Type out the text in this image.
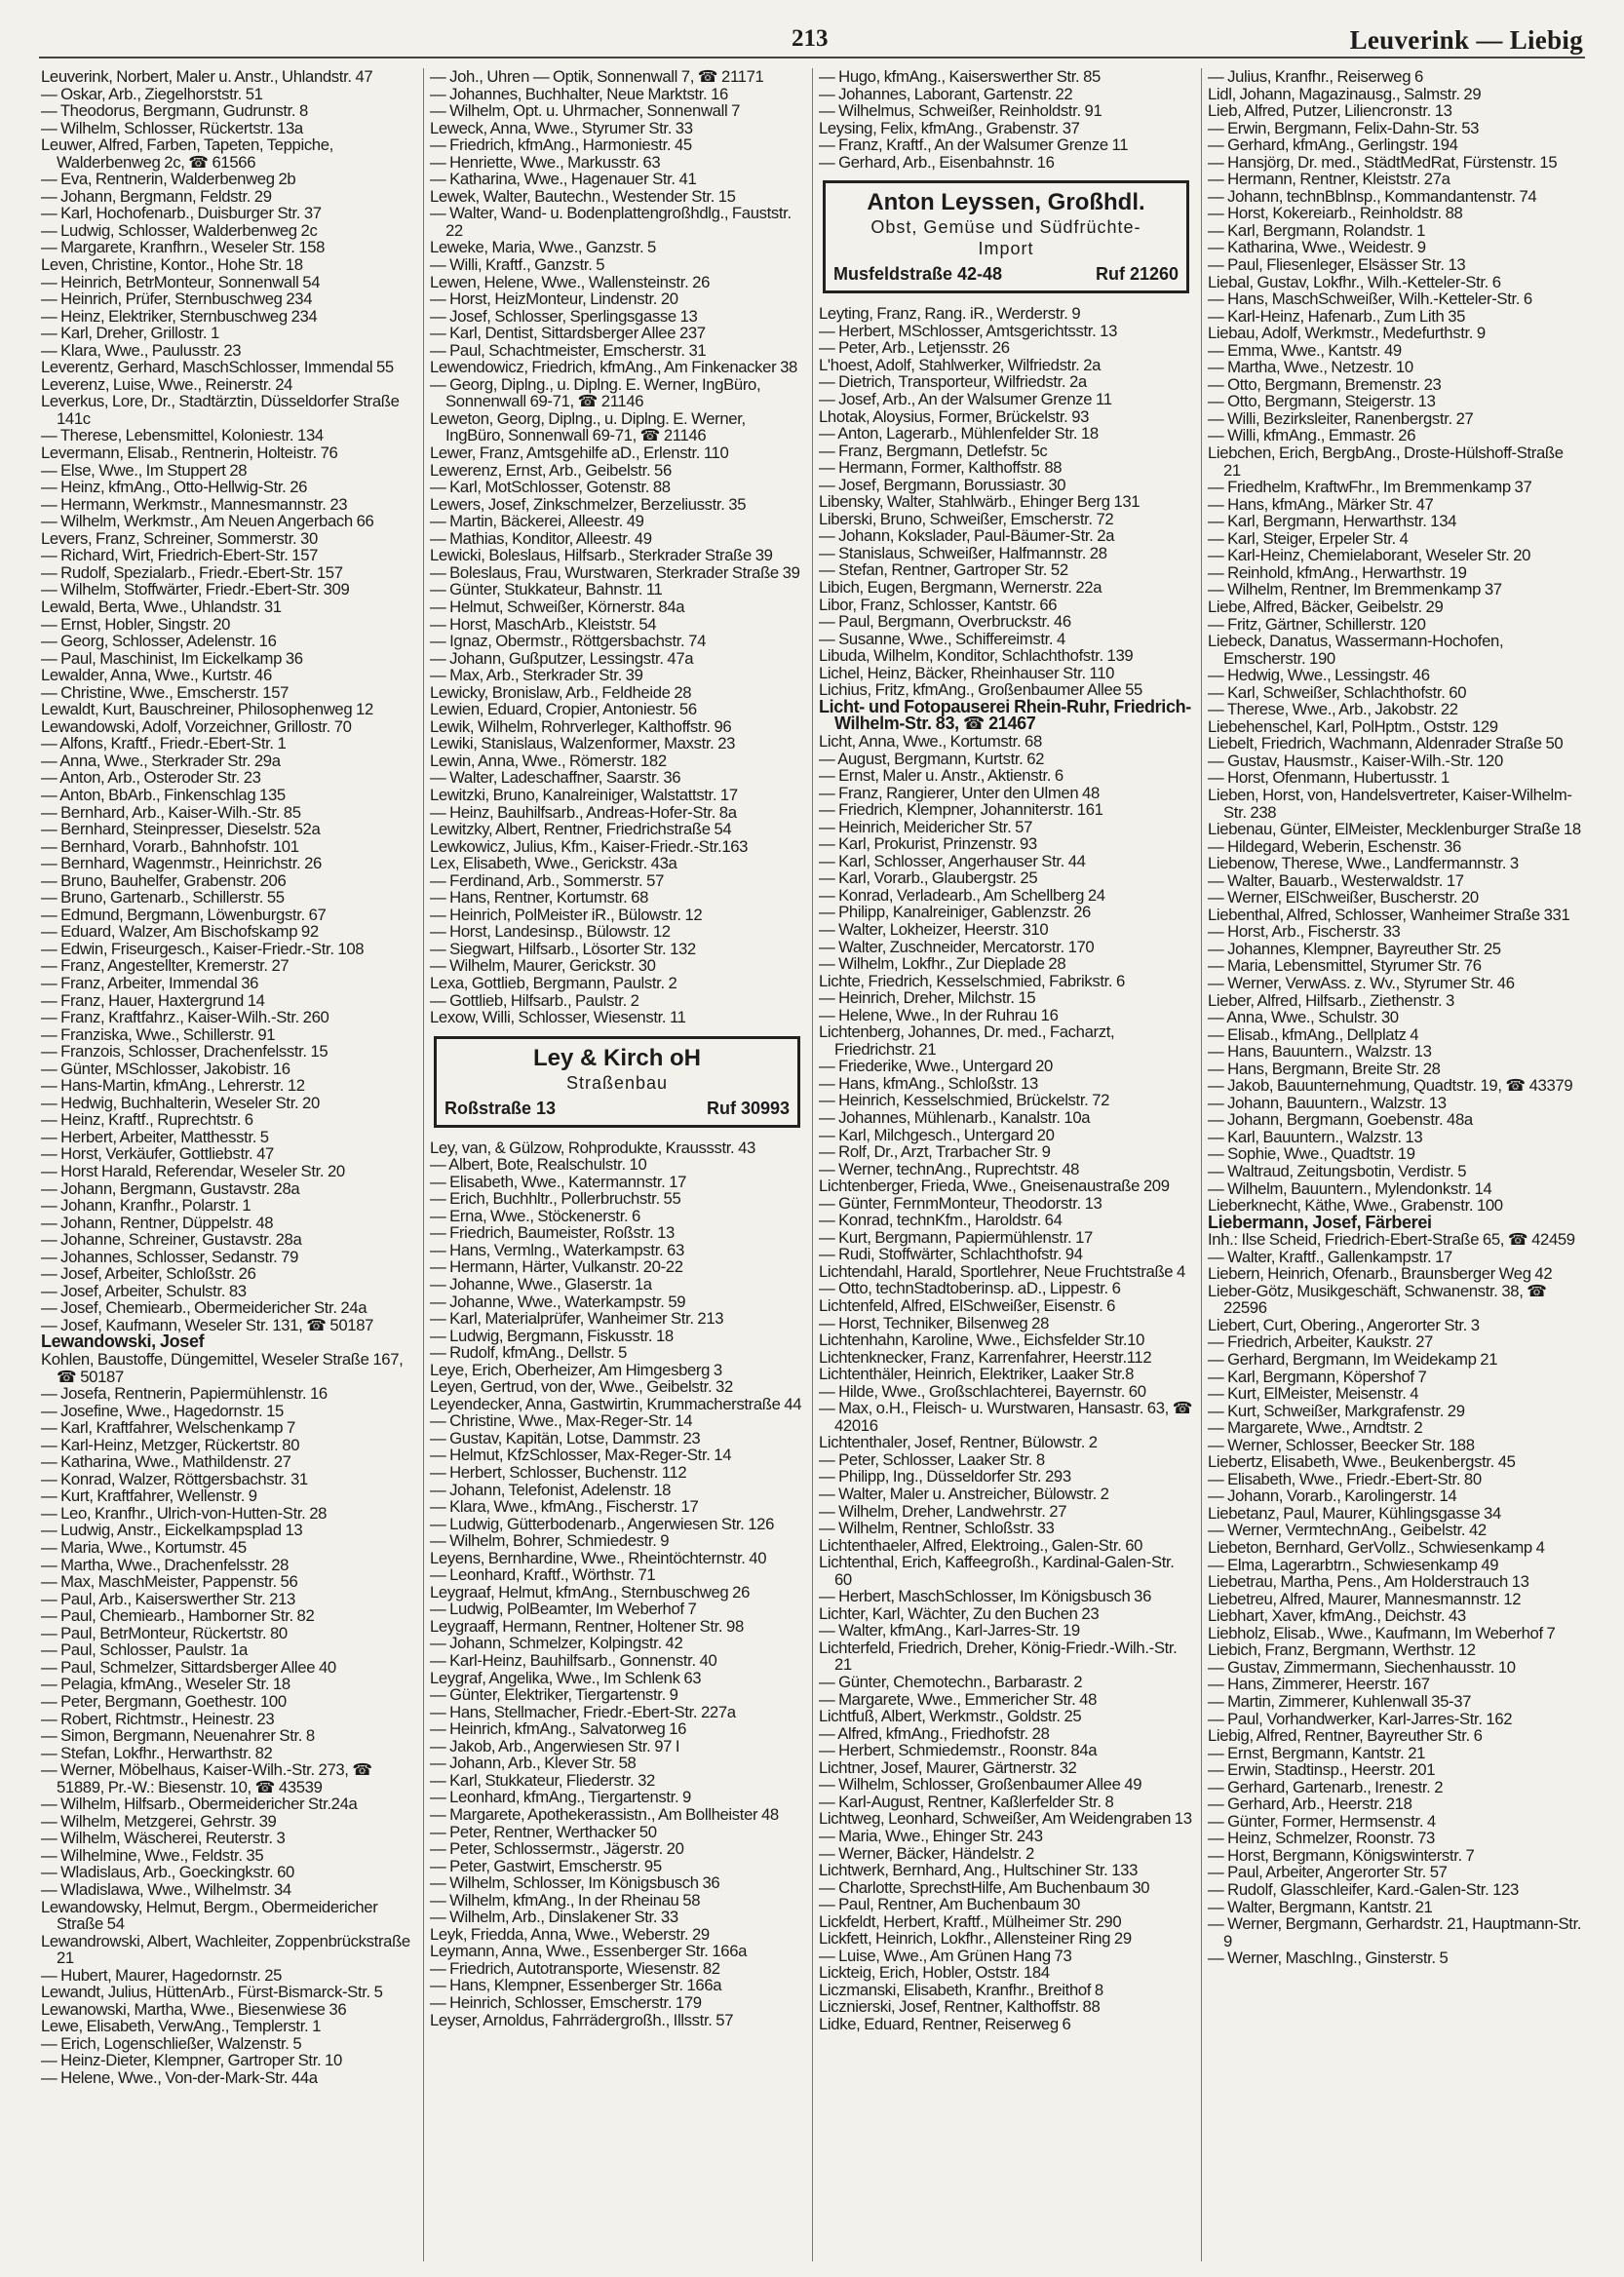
213	Leuverink — Liebig
Leuverink, Norbert, Maler u. Anstr., Uhlandstr. 47
— Oskar, Arb., Ziegelhorststr. 51
— Theodorus, Bergmann, Gudrunstr. 8
— Wilhelm, Schlosser, Rückertstr. 13a
Leuwer, Alfred, Farben, Tapeten, Teppiche, Walderbenweg 2c, ☎ 61566
— Eva, Rentnerin, Walderbenweg 2b
— Johann, Bergmann, Feldstr. 29
— Karl, Hochofenarb., Duisburger Str. 37
— Ludwig, Schlosser, Walderbenweg 2c
— Margarete, Kranfhrn., Weseler Str. 158
Leven, Christine, Kontor., Hohe Str. 18
— Heinrich, BetrMonteur, Sonnenwall 54
— Heinrich, Prüfer, Sternbuschweg 234
— Heinz, Elektriker, Sternbuschweg 234
— Karl, Dreher, Grillostr. 1
— Klara, Wwe., Paulusstr. 23
Leverentz, Gerhard, MaschSchlosser, Immendal 55
Leverenz, Luise, Wwe., Reinerstr. 24
Leverkus, Lore, Dr., Stadtärztin, Düsseldorfer Straße 141c
— Therese, Lebensmittel, Koloniestr. 134
Levermann, Elisab., Rentnerin, Holteistr. 76
— Else, Wwe., Im Stuppert 28
— Heinz, kfmAng., Otto-Hellwig-Str. 26
— Hermann, Werkmstr., Mannesmannstr. 23
— Wilhelm, Werkmstr., Am Neuen Angerbach 66
Levers, Franz, Schreiner, Sommerstr. 30
— Richard, Wirt, Friedrich-Ebert-Str. 157
— Rudolf, Spezialarb., Friedr.-Ebert-Str. 157
— Wilhelm, Stoffwärter, Friedr.-Ebert-Str. 309
Lewald, Berta, Wwe., Uhlandstr. 31
— Ernst, Hobler, Singstr. 20
— Georg, Schlosser, Adelenstr. 16
— Paul, Maschinist, Im Eickelkamp 36
Lewalder, Anna, Wwe., Kurtstr. 46
— Christine, Wwe., Emscherstr. 157
Lewaldt, Kurt, Bauschreiner, Philosophenweg 12
Lewandowski, Adolf, Vorzeichner, Grillostr. 70
— Alfons, Kraftf., Friedr.-Ebert-Str. 1
— Anna, Wwe., Sterkrader Str. 29a
— Anton, Arb., Osteroder Str. 23
— Anton, BbArb., Finkenschlag 135
— Bernhard, Arb., Kaiser-Wilh.-Str. 85
— Bernhard, Steinpresser, Dieselstr. 52a
— Bernhard, Vorarb., Bahnhofstr. 101
— Bernhard, Wagenmstr., Heinrichstr. 26
— Bruno, Bauhelfer, Grabenstr. 206
— Bruno, Gartenarb., Schillerstr. 55
— Edmund, Bergmann, Löwenburgstr. 67
— Eduard, Walzer, Am Bischofskamp 92
— Edwin, Friseurgesch., Kaiser-Friedr.-Str. 108
— Franz, Angestellter, Kremerstr. 27
— Franz, Arbeiter, Immendal 36
— Franz, Hauer, Haxtergrund 14
— Franz, Kraftfahrz., Kaiser-Wilh.-Str. 260
— Franziska, Wwe., Schillerstr. 91
— Franzois, Schlosser, Drachenfelsstr. 15
— Günter, MSchlosser, Jakobistr. 16
— Hans-Martin, kfmAng., Lehrerstr. 12
— Hedwig, Buchhalterin, Weseler Str. 20
— Heinz, Kraftf., Ruprechtstr. 6
— Herbert, Arbeiter, Matthesstr. 5
— Horst, Verkäufer, Gottliebstr. 47
— Horst Harald, Referendar, Weseler Str. 20
— Johann, Bergmann, Gustavstr. 28a
— Johann, Kranfhr., Polarstr. 1
— Johann, Rentner, Düppelstr. 48
— Johanne, Schreiner, Gustavstr. 28a
— Johannes, Schlosser, Sedanstr. 79
— Josef, Arbeiter, Schloßstr. 26
— Josef, Arbeiter, Schulstr. 83
— Josef, Chemiearb., Obermeidericher Str. 24a
— Josef, Kaufmann, Weseler Str. 131, ☎ 50187
Lewandowski, Josef
Kohlen, Baustoffe, Düngemittel, Weseler Straße 167, ☎ 50187
— Josefa, Rentnerin, Papiermühlenstr. 16
— Josefine, Wwe., Hagedornstr. 15
— Karl, Kraftfahrer, Welschenkamp 7
— Karl-Heinz, Metzger, Rückertstr. 80
— Katharina, Wwe., Mathildenstr. 27
— Konrad, Walzer, Röttgersbachstr. 31
— Kurt, Kraftfahrer, Wellenstr. 9
— Leo, Kranfhr., Ulrich-von-Hutten-Str. 28
— Ludwig, Anstr., Eickelkampsplad 13
— Maria, Wwe., Kortumstr. 45
— Martha, Wwe., Drachenfelsstr. 28
— Max, MaschMeister, Pappenstr. 56
— Paul, Arb., Kaiserswerther Str. 213
— Paul, Chemiearb., Hamborner Str. 82
— Paul, BetrMonteur, Rückertstr. 80
— Paul, Schlosser, Paulstr. 1a
— Paul, Schmelzer, Sittardsberger Allee 40
— Pelagia, kfmAng., Weseler Str. 18
— Peter, Bergmann, Goethestr. 100
— Robert, Richtmstr., Heinestr. 23
— Simon, Bergmann, Neuenahrer Str. 8
— Stefan, Lokfhr., Herwarthstr. 82
— Werner, Möbelhaus, Kaiser-Wilh.-Str. 273, ☎ 51889, Pr.-W.: Biesenstr. 10, ☎ 43539
— Wilhelm, Hilfsarb., Obermeidericher Str.24a
— Wilhelm, Metzgerei, Gehrstr. 39
— Wilhelm, Wäscherei, Reuterstr. 3
— Wilhelmine, Wwe., Feldstr. 35
— Wladislaus, Arb., Goeckingkstr. 60
— Wladislawa, Wwe., Wilhelmstr. 34
Lewandowsky, Helmut, Bergm., Obermeidericher Straße 54
Lewandrowski, Albert, Wachleiter, Zoppenbrückstraße 21
— Hubert, Maurer, Hagedornstr. 25
Lewandt, Julius, HüttenArb., Fürst-Bismarck-Str. 5
Lewanowski, Martha, Wwe., Biesenwiese 36
Lewe, Elisabeth, VerwAng., Templerstr. 1
— Erich, Logenschließer, Walzenstr. 5
— Heinz-Dieter, Klempner, Gartroper Str. 10
— Helene, Wwe., Von-der-Mark-Str. 44a
— Joh., Uhren — Optik, Sonnenwall 7, ☎ 21171
— Johannes, Buchhalter, Neue Marktstr. 16
— Wilhelm, Opt. u. Uhrmacher, Sonnenwall 7
Leweck, Anna, Wwe., Styrumer Str. 33
— Friedrich, kfmAng., Harmoniestr. 45
— Henriette, Wwe., Markusstr. 63
— Katharina, Wwe., Hagenauer Str. 41
Lewek, Walter, Bautechn., Westender Str. 15
— Walter, Wand- u. Bodenplattengroßhdlg., Fauststr. 22
Leweke, Maria, Wwe., Ganzstr. 5
— Willi, Kraftf., Ganzstr. 5
Lewen, Helene, Wwe., Wallensteinstr. 26
— Horst, HeizMonteur, Lindenstr. 20
— Josef, Schlosser, Sperlingsgasse 13
— Karl, Dentist, Sittardsberger Allee 237
— Paul, Schachtmeister, Emscherstr. 31
Lewendowicz, Friedrich, kfmAng., Am Finkenacker 38
— Georg, Diplng., u. Diplng. E. Werner, IngBüro, Sonnenwall 69-71, ☎ 21146
Leweton, Georg, Diplng., u. Diplng. E. Werner, IngBüro, Sonnenwall 69-71, ☎ 21146
Lewer, Franz, Amtsgehilfe aD., Erlenstr. 110
Lewerenz, Ernst, Arb., Geibelstr. 56
— Karl, MotSchlosser, Gotenstr. 88
Lewers, Josef, Zinkschmelzer, Berzeliusstr. 35
— Martin, Bäckerei, Alleestr. 49
— Mathias, Konditor, Alleestr. 49
Lewicki, Boleslaus, Hilfsarb., Sterkrader Straße 39
— Boleslaus, Frau, Wurstwaren, Sterkrader Straße 39
— Günter, Stukkateur, Bahnstr. 11
— Helmut, Schweißer, Körnerstr. 84a
— Horst, MaschArb., Kleiststr. 54
— Ignaz, Obermstr., Röttgersbachstr. 74
— Johann, Gußputzer, Lessingstr. 47a
— Max, Arb., Sterkrader Str. 39
Lewicky, Bronislaw, Arb., Feldheide 28
Lewien, Eduard, Cropier, Antoniestr. 56
Lewik, Wilhelm, Rohrverleger, Kalthoffstr. 96
Lewiki, Stanislaus, Walzenformer, Maxstr. 23
Lewin, Anna, Wwe., Römerstr. 182
— Walter, Ladeschaffner, Saarstr. 36
Lewitzki, Bruno, Kanalreiniger, Walstattstr. 17
— Heinz, Bauhilfsarb., Andreas-Hofer-Str. 8a
Lewitzky, Albert, Rentner, Friedrichstraße 54
Lewkowicz, Julius, Kfm., Kaiser-Friedr.-Str.163
Lex, Elisabeth, Wwe., Gerickstr. 43a
— Ferdinand, Arb., Sommerstr. 57
— Hans, Rentner, Kortumstr. 68
— Heinrich, PolMeister iR., Bülowstr. 12
— Horst, Landesinsp., Bülowstr. 12
— Siegwart, Hilfsarb., Lösorter Str. 132
— Wilhelm, Maurer, Gerickstr. 30
Lexa, Gottlieb, Bergmann, Paulstr. 2
— Gottlieb, Hilfsarb., Paulstr. 2
Lexow, Willi, Schlosser, Wiesenstr. 11
Ley & Kirch oH
Straßenbau
Roßstraße 13	Ruf 30993
Ley, van, & Gülzow, Rohprodukte, Kraussstr. 43
— Albert, Bote, Realschulstr. 10
— Elisabeth, Wwe., Katermannstr. 17
— Erich, Buchhltr., Pollerbruchstr. 55
— Erna, Wwe., Stöckenerstr. 6
— Friedrich, Baumeister, Roßstr. 13
— Hans, Vermlng., Waterkampstr. 63
— Hermann, Härter, Vulkanstr. 20-22
— Johanne, Wwe., Glaserstr. 1a
— Johanne, Wwe., Waterkampstr. 59
— Karl, Materialprüfer, Wanheimer Str. 213
— Ludwig, Bergmann, Fiskusstr. 18
— Rudolf, kfmAng., Dellstr. 5
Leye, Erich, Oberheizer, Am Himgesberg 3
Leyen, Gertrud, von der, Wwe., Geibelstr. 32
Leyendecker, Anna, Gastwirtin, Krummacherstraße 44
— Christine, Wwe., Max-Reger-Str. 14
— Gustav, Kapitän, Lotse, Dammstr. 23
— Helmut, KfzSchlosser, Max-Reger-Str. 14
— Herbert, Schlosser, Buchenstr. 112
— Johann, Telefonist, Adelenstr. 18
— Klara, Wwe., kfmAng., Fischerstr. 17
— Ludwig, Gütterbodenarb., Angerwiesen Str. 126
— Wilhelm, Bohrer, Schmiedestr. 9
Leyens, Bernhardine, Wwe., Rheintöchternstr. 40
— Leonhard, Kraftf., Wörthstr. 71
Leygraaf, Helmut, kfmAng., Sternbuschweg 26
— Ludwig, PolBeamter, Im Weberhof 7
Leygraaff, Hermann, Rentner, Holtener Str. 98
— Johann, Schmelzer, Kolpingstr. 42
— Karl-Heinz, Bauhilfsarb., Gonnenstr. 40
Leygraf, Angelika, Wwe., Im Schlenk 63
— Günter, Elektriker, Tiergartenstr. 9
— Hans, Stellmacher, Friedr.-Ebert-Str. 227a
— Heinrich, kfmAng., Salvatorweg 16
— Jakob, Arb., Angerwiesen Str. 97 I
— Johann, Arb., Klever Str. 58
— Karl, Stukkateur, Fliederstr. 32
— Leonhard, kfmAng., Tiergartenstr. 9
— Margarete, Apothekerassistn., Am Bollheister 48
— Peter, Rentner, Werthacker 50
— Peter, Schlossermstr., Jägerstr. 20
— Peter, Gastwirt, Emscherstr. 95
— Wilhelm, Schlosser, Im Königsbusch 36
— Wilhelm, kfmAng., In der Rheinau 58
— Wilhelm, Arb., Dinslakener Str. 33
Leyk, Friedda, Anna, Wwe., Weberstr. 29
Leymann, Anna, Wwe., Essenberger Str. 166a
— Friedrich, Autotransporte, Wiesenstr. 82
— Hans, Klempner, Essenberger Str. 166a
— Heinrich, Schlosser, Emscherstr. 179
Leyser, Arnoldus, Fahrrädergroßh., Illsstr. 57
— Hugo, kfmAng., Kaiserswerther Str. 85
— Johannes, Laborant, Gartenstr. 22
— Wilhelmus, Schweißer, Reinholdstr. 91
Leysing, Felix, kfmAng., Grabenstr. 37
— Franz, Kraftf., An der Walsumer Grenze 11
— Gerhard, Arb., Eisenbahnstr. 16
Anton Leyssen, Großhdl.
Obst, Gemüse und Südfrüchte-
Import
Musfeldstraße 42-48	Ruf 21260
Leyting, Franz, Rang. iR., Werderstr. 9
— Herbert, MSchlosser, Amtsgerichtsstr. 13
— Peter, Arb., Letjensstr. 26
L'hoest, Adolf, Stahlwerker, Wilfriedstr. 2a
— Dietrich, Transporteur, Wilfriedstr. 2a
— Josef, Arb., An der Walsumer Grenze 11
Lhotak, Aloysius, Former, Brückelstr. 93
— Anton, Lagerarb., Mühlenfelder Str. 18
— Franz, Bergmann, Detlefstr. 5c
— Hermann, Former, Kalthoffstr. 88
— Josef, Bergmann, Borussiastr. 30
Libensky, Walter, Stahlwärb., Ehinger Berg 131
Liberski, Bruno, Schweißer, Emscherstr. 72
— Johann, Kokslader, Paul-Bäumer-Str. 2a
— Stanislaus, Schweißer, Halfmannstr. 28
— Stefan, Rentner, Gartroper Str. 52
Libich, Eugen, Bergmann, Wernerstr. 22a
Libor, Franz, Schlosser, Kantstr. 66
— Paul, Bergmann, Overbruckstr. 46
— Susanne, Wwe., Schiffereimstr. 4
Libuda, Wilhelm, Konditor, Schlachthofstr. 139
Lichel, Heinz, Bäcker, Rheinhauser Str. 110
Lichius, Fritz, kfmAng., Großenbaumer Allee 55
Licht- und Fotopauserei Rhein-Ruhr, Friedrich-Wilhelm-Str. 83, ☎ 21467
Licht, Anna, Wwe., Kortumstr. 68
— August, Bergmann, Kurtstr. 62
— Ernst, Maler u. Anstr., Aktienstr. 6
— Franz, Rangierer, Unter den Ulmen 48
— Friedrich, Klempner, Johanniterstr. 161
— Heinrich, Meidericher Str. 57
— Karl, Prokurist, Prinzenstr. 93
— Karl, Schlosser, Angerhauser Str. 44
— Karl, Vorarb., Glaubergstr. 25
— Konrad, Verladearb., Am Schellberg 24
— Philipp, Kanalreiniger, Gablenzstr. 26
— Walter, Lokheizer, Heerstr. 310
— Walter, Zuschneider, Mercatorstr. 170
— Wilhelm, Lokfhr., Zur Dieplade 28
Lichte, Friedrich, Kesselschmied, Fabrikstr. 6
— Heinrich, Dreher, Milchstr. 15
— Helene, Wwe., In der Ruhrau 16
Lichtenberg, Johannes, Dr. med., Facharzt, Friedrichstr. 21
— Friederike, Wwe., Untergard 20
— Hans, kfmAng., Schloßstr. 13
— Heinrich, Kesselschmied, Brückelstr. 72
— Johannes, Mühlenarb., Kanalstr. 10a
— Karl, Milchgesch., Untergard 20
— Rolf, Dr., Arzt, Trarbacher Str. 9
— Werner, technAng., Ruprechtstr. 48
Lichtenberger, Frieda, Wwe., Gneisenaustraße 209
— Günter, FernmMonteur, Theodorstr. 13
— Konrad, technKfm., Haroldstr. 64
— Kurt, Bergmann, Papiermühlenstr. 17
— Rudi, Stoffwärter, Schlachthofstr. 94
Lichtendahl, Harald, Sportlehrer, Neue Fruchtstraße 4
— Otto, technStadtoberinsp. aD., Lippestr. 6
Lichtenfeld, Alfred, ElSchweißer, Eisenstr. 6
— Horst, Techniker, Bilsenweg 28
Lichtenhahn, Karoline, Wwe., Eichsfelder Str.10
Lichtenknecker, Franz, Karrenfahrer, Heerstr.112
Lichtenthäler, Heinrich, Elektriker, Laaker Str.8
— Hilde, Wwe., Großschlachterei, Bayernstr. 60
— Max, o.H., Fleisch- u. Wurstwaren, Hansastr. 63, ☎ 42016
Lichtenthaler, Josef, Rentner, Bülowstr. 2
— Peter, Schlosser, Laaker Str. 8
— Philipp, Ing., Düsseldorfer Str. 293
— Walter, Maler u. Anstreicher, Bülowstr. 2
— Wilhelm, Dreher, Landwehrstr. 27
— Wilhelm, Rentner, Schloßstr. 33
Lichtenthaeler, Alfred, Elektroing., Galen-Str. 60
Lichtenthal, Erich, Kaffeegroßh., Kardinal-Galen-Str. 60
— Herbert, MaschSchlosser, Im Königsbusch 36
Lichter, Karl, Wächter, Zu den Buchen 23
— Walter, kfmAng., Karl-Jarres-Str. 19
Lichterfeld, Friedrich, Dreher, König-Friedr.-Wilh.-Str. 21
— Günter, Chemotechn., Barbarastr. 2
— Margarete, Wwe., Emmericher Str. 48
Lichtfuß, Albert, Werkmstr., Goldstr. 25
— Alfred, kfmAng., Friedhofstr. 28
— Herbert, Schmiedemstr., Roonstr. 84a
Lichtner, Josef, Maurer, Gärtnerstr. 32
— Wilhelm, Schlosser, Großenbaumer Allee 49
— Karl-August, Rentner, Kaßlerfelder Str. 8
Lichtweg, Leonhard, Schweißer, Am Weidengraben 13
— Maria, Wwe., Ehinger Str. 243
— Werner, Bäcker, Händelstr. 2
Lichtwerk, Bernhard, Ang., Hultschiner Str. 133
— Charlotte, SprechstHilfe, Am Buchenbaum 30
— Paul, Rentner, Am Buchenbaum 30
Lickfeldt, Herbert, Kraftf., Mülheimer Str. 290
Lickfett, Heinrich, Lokfhr., Allensteiner Ring 29
— Luise, Wwe., Am Grünen Hang 73
Lickteig, Erich, Hobler, Oststr. 184
Liczmanski, Elisabeth, Kranfhr., Breithof 8
Licznierski, Josef, Rentner, Kalthoffstr. 88
Lidke, Eduard, Rentner, Reiserweg 6
— Julius, Kranfhr., Reiserweg 6
Lidl, Johann, Magazinausg., Salmstr. 29
Lieb, Alfred, Putzer, Liliencronstr. 13
— Erwin, Bergmann, Felix-Dahn-Str. 53
— Gerhard, kfmAng., Gerlingstr. 194
— Hansjörg, Dr. med., StädtMedRat, Fürstenstr. 15
— Hermann, Rentner, Kleiststr. 27a
— Johann, technBblnsp., Kommandantenstr. 74
— Horst, Kokereiarb., Reinholdstr. 88
— Karl, Bergmann, Rolandstr. 1
— Katharina, Wwe., Weidestr. 9
— Paul, Fliesenleger, Elsässer Str. 13
Liebal, Gustav, Lokfhr., Wilh.-Ketteler-Str. 6
— Hans, MaschSchweißer, Wilh.-Ketteler-Str. 6
— Karl-Heinz, Hafenarb., Zum Lith 35
Liebau, Adolf, Werkmstr., Medefurthstr. 9
— Emma, Wwe., Kantstr. 49
— Martha, Wwe., Netzestr. 10
— Otto, Bergmann, Bremenstr. 23
— Otto, Bergmann, Steigerstr. 13
— Willi, Bezirksleiter, Ranenbergstr. 27
— Willi, kfmAng., Emmastr. 26
Liebchen, Erich, BergbAng., Droste-Hülshoff-Straße 21
— Friedhelm, KraftwFhr., Im Bremmenkamp 37
— Hans, kfmAng., Märker Str. 47
— Karl, Bergmann, Herwarthstr. 134
— Karl, Steiger, Erpeler Str. 4
— Karl-Heinz, Chemielaborant, Weseler Str. 20
— Reinhold, kfmAng., Herwarthstr. 19
— Wilhelm, Rentner, Im Bremmenkamp 37
Liebe, Alfred, Bäcker, Geibelstr. 29
— Fritz, Gärtner, Schillerstr. 120
Liebeck, Danatus, Wassermann-Hochofen, Emscherstr. 190
— Hedwig, Wwe., Lessingstr. 46
— Karl, Schweißer, Schlachthofstr. 60
— Therese, Wwe., Arb., Jakobstr. 22
Liebehenschel, Karl, PolHptm., Oststr. 129
Liebelt, Friedrich, Wachmann, Aldenrader Straße 50
— Gustav, Hausmstr., Kaiser-Wilh.-Str. 120
— Horst, Ofenmann, Hubertusstr. 1
Lieben, Horst, von, Handelsvertreter, Kaiser-Wilhelm-Str. 238
Liebenau, Günter, ElMeister, Mecklenburger Straße 18
— Hildegard, Weberin, Eschenstr. 36
Liebenow, Therese, Wwe., Landfermannstr. 3
— Walter, Bauarb., Westerwaldstr. 17
— Werner, ElSchweißer, Buscherstr. 20
Liebenthal, Alfred, Schlosser, Wanheimer Straße 331
— Horst, Arb., Fischerstr. 33
— Johannes, Klempner, Bayreuther Str. 25
— Maria, Lebensmittel, Styrumer Str. 76
— Werner, VerwAss. z. Wv., Styrumer Str. 46
Lieber, Alfred, Hilfsarb., Ziethenstr. 3
— Anna, Wwe., Schulstr. 30
— Elisab., kfmAng., Dellplatz 4
— Hans, Bauuntern., Walzstr. 13
— Hans, Bergmann, Breite Str. 28
— Jakob, Bauunternehmung, Quadtstr. 19, ☎ 43379
— Johann, Bauuntern., Walzstr. 13
— Johann, Bergmann, Goebenstr. 48a
— Karl, Bauuntern., Walzstr. 13
— Sophie, Wwe., Quadtstr. 19
— Waltraud, Zeitungsbotin, Verdistr. 5
— Wilhelm, Bauuntern., Mylendonkstr. 14
Lieberknecht, Käthe, Wwe., Grabenstr. 100
Liebermann, Josef, Färberei
Inh.: Ilse Scheid, Friedrich-Ebert-Straße 65, ☎ 42459
— Walter, Kraftf., Gallenkampstr. 17
Liebern, Heinrich, Ofenarb., Braunsberger Weg 42
Lieber-Götz, Musikgeschäft, Schwanenstr. 38, ☎ 22596
Liebert, Curt, Obering., Angerorter Str. 3
— Friedrich, Arbeiter, Kaukstr. 27
— Gerhard, Bergmann, Im Weidekamp 21
— Karl, Bergmann, Köpershof 7
— Kurt, ElMeister, Meisenstr. 4
— Kurt, Schweißer, Markgrafenstr. 29
— Margarete, Wwe., Arndtstr. 2
— Werner, Schlosser, Beecker Str. 188
Liebertz, Elisabeth, Wwe., Beukenbergstr. 45
— Elisabeth, Wwe., Friedr.-Ebert-Str. 80
— Johann, Vorarb., Karolingerstr. 14
Liebetanz, Paul, Maurer, Kühlingsgasse 34
— Werner, VermtechnAng., Geibelstr. 42
Liebeton, Bernhard, GerVollz., Schwiesenkamp 4
— Elma, Lagerarbtrn., Schwiesenkamp 49
Liebetrau, Martha, Pens., Am Holderstrauch 13
Liebetreu, Alfred, Maurer, Mannesmannstr. 12
Liebhart, Xaver, kfmAng., Deichstr. 43
Liebholz, Elisab., Wwe., Kaufmann, Im Weberhof 7
Liebich, Franz, Bergmann, Werthstr. 12
— Gustav, Zimmermann, Siechenhausstr. 10
— Hans, Zimmerer, Heerstr. 167
— Martin, Zimmerer, Kuhlenwall 35-37
— Paul, Vorhandwerker, Karl-Jarres-Str. 162
Liebig, Alfred, Rentner, Bayreuther Str. 6
— Ernst, Bergmann, Kantstr. 21
— Erwin, Stadtinsp., Heerstr. 201
— Gerhard, Gartenarb., Irenestr. 2
— Gerhard, Arb., Heerstr. 218
— Günter, Former, Hermsenstr. 4
— Heinz, Schmelzer, Roonstr. 73
— Horst, Bergmann, Königswinterstr. 7
— Paul, Arbeiter, Angerorter Str. 57
— Rudolf, Glasschleifer, Kard.-Galen-Str. 123
— Walter, Bergmann, Kantstr. 21
— Werner, Bergmann, Gerhardstr. 21, Hauptmann-Str. 9
— Werner, MaschIng., Ginsterstr. 5
